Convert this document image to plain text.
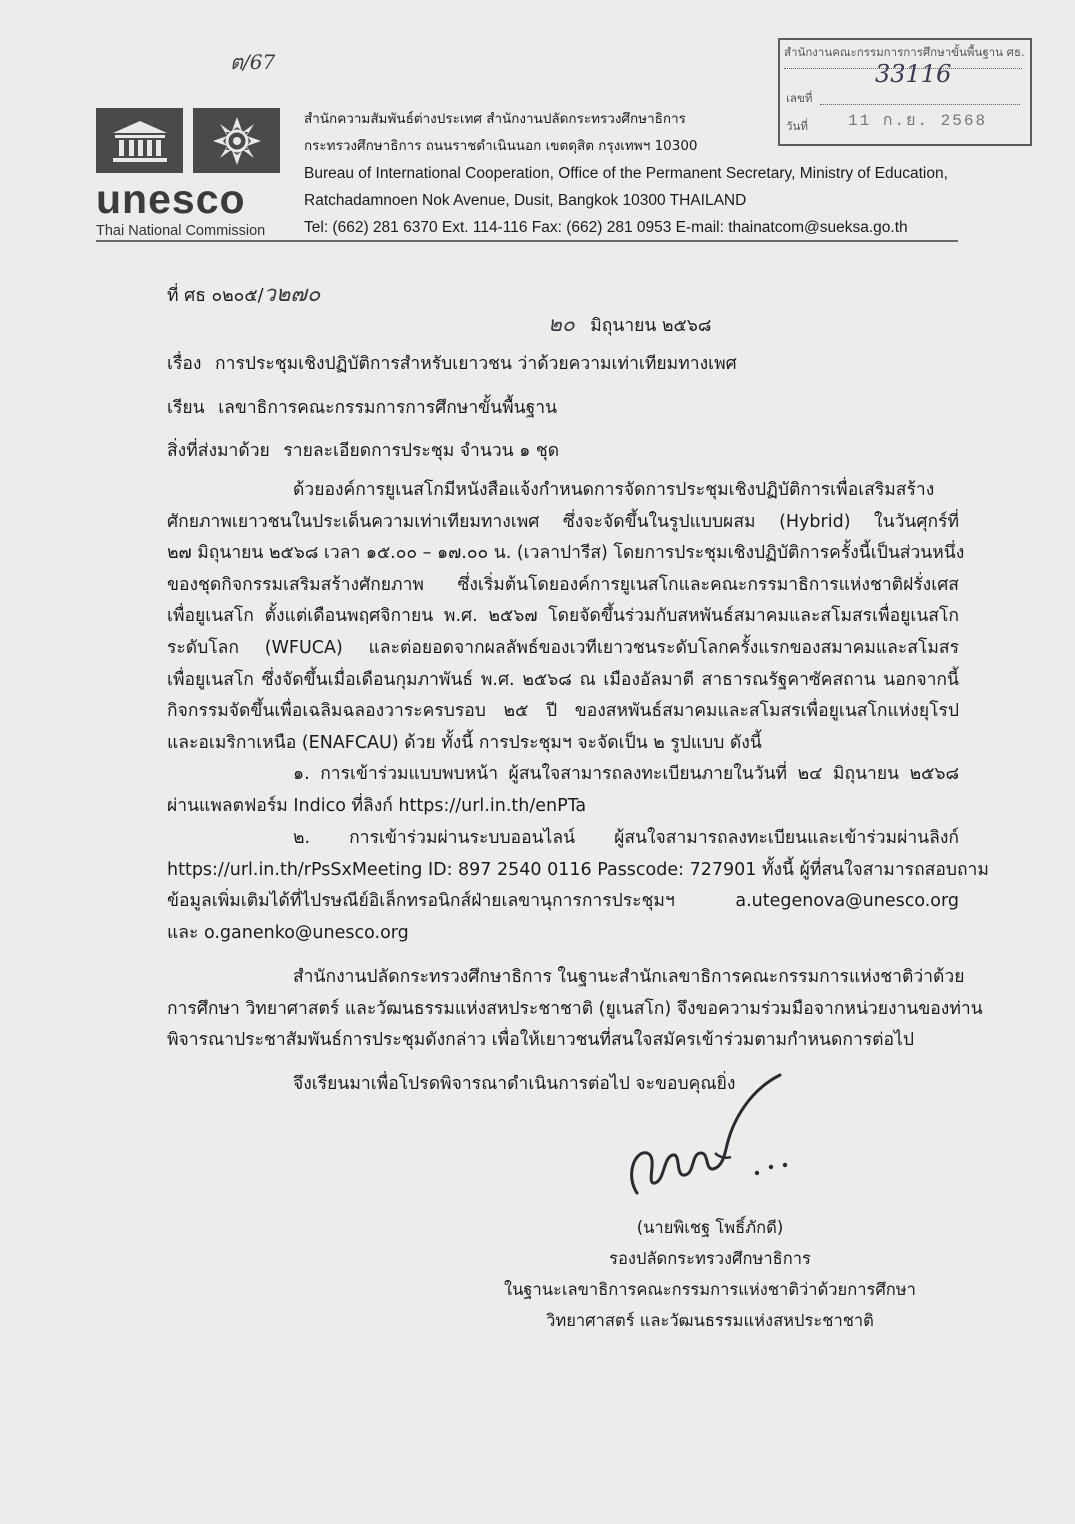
ต/67	สำนักงานคณะกรรมการการศึกษาขั้นพื้นฐาน ศธ.
เลขที่
33116
วันที่	11 ก.ย. 2568
unesco
Thai National Commission
สำนักความสัมพันธ์ต่างประเทศ สำนักงานปลัดกระทรวงศึกษาธิการ
กระทรวงศึกษาธิการ ถนนราชดำเนินนอก เขตดุสิต กรุงเทพฯ 10300
Bureau of International Cooperation, Office of the Permanent Secretary, Ministry of Education,
Ratchadamnoen Nok Avenue, Dusit, Bangkok 10300 THAILAND
Tel: (662) 281 6370 Ext. 114-116 Fax: (662) 281 0953 E-mail: thainatcom@sueksa.go.th
ที่ ศธ ๐๒๐๕/ว๒๗๐
๒๐ มิถุนายน ๒๕๖๘
เรื่อง การประชุมเชิงปฏิบัติการสำหรับเยาวชน ว่าด้วยความเท่าเทียมทางเพศ
เรียน เลขาธิการคณะกรรมการการศึกษาขั้นพื้นฐาน
สิ่งที่ส่งมาด้วย รายละเอียดการประชุม จำนวน ๑ ชุด
ด้วยองค์การยูเนสโกมีหนังสือแจ้งกำหนดการจัดการประชุมเชิงปฏิบัติการเพื่อเสริมสร้าง
ศักยภาพเยาวชนในประเด็นความเท่าเทียมทางเพศ ซึ่งจะจัดขึ้นในรูปแบบผสม (Hybrid) ในวันศุกร์ที่
๒๗ มิถุนายน ๒๕๖๘ เวลา ๑๕.๐๐ – ๑๗.๐๐ น. (เวลาปารีส) โดยการประชุมเชิงปฏิบัติการครั้งนี้เป็นส่วนหนึ่ง
ของชุดกิจกรรมเสริมสร้างศักยภาพ ซึ่งเริ่มต้นโดยองค์การยูเนสโกและคณะกรรมาธิการแห่งชาติฝรั่งเศส
เพื่อยูเนสโก ตั้งแต่เดือนพฤศจิกายน พ.ศ. ๒๕๖๗ โดยจัดขึ้นร่วมกับสหพันธ์สมาคมและสโมสรเพื่อยูเนสโก
ระดับโลก (WFUCA) และต่อยอดจากผลลัพธ์ของเวทีเยาวชนระดับโลกครั้งแรกของสมาคมและสโมสร
เพื่อยูเนสโก ซึ่งจัดขึ้นเมื่อเดือนกุมภาพันธ์ พ.ศ. ๒๕๖๘ ณ เมืองอัลมาตี สาธารณรัฐคาซัคสถาน นอกจากนี้
กิจกรรมจัดขึ้นเพื่อเฉลิมฉลองวาระครบรอบ ๒๕ ปี ของสหพันธ์สมาคมและสโมสรเพื่อยูเนสโกแห่งยุโรป
และอเมริกาเหนือ (ENAFCAU) ด้วย ทั้งนี้ การประชุมฯ จะจัดเป็น ๒ รูปแบบ ดังนี้
๑. การเข้าร่วมแบบพบหน้า ผู้สนใจสามารถลงทะเบียนภายในวันที่ ๒๔ มิถุนายน ๒๕๖๘
ผ่านแพลตฟอร์ม Indico ที่ลิงก์ https://url.in.th/enPTa
๒. การเข้าร่วมผ่านระบบออนไลน์ ผู้สนใจสามารถลงทะเบียนและเข้าร่วมผ่านลิงก์
https://url.in.th/rPsSxMeeting ID: 897 2540 0116 Passcode: 727901 ทั้งนี้ ผู้ที่สนใจสามารถสอบถาม
ข้อมูลเพิ่มเติมได้ที่ไปรษณีย์อิเล็กทรอนิกส์ฝ่ายเลขานุการการประชุมฯ a.utegenova@unesco.org
และ o.ganenko@unesco.org
สำนักงานปลัดกระทรวงศึกษาธิการ ในฐานะสำนักเลขาธิการคณะกรรมการแห่งชาติว่าด้วย
การศึกษา วิทยาศาสตร์ และวัฒนธรรมแห่งสหประชาชาติ (ยูเนสโก) จึงขอความร่วมมือจากหน่วยงานของท่าน
พิจารณาประชาสัมพันธ์การประชุมดังกล่าว เพื่อให้เยาวชนที่สนใจสมัครเข้าร่วมตามกำหนดการต่อไป
จึงเรียนมาเพื่อโปรดพิจารณาดำเนินการต่อไป จะขอบคุณยิ่ง
(นายพิเชฐ โพธิ์ภักดี)
รองปลัดกระทรวงศึกษาธิการ
ในฐานะเลขาธิการคณะกรรมการแห่งชาติว่าด้วยการศึกษา
วิทยาศาสตร์ และวัฒนธรรมแห่งสหประชาชาติ
